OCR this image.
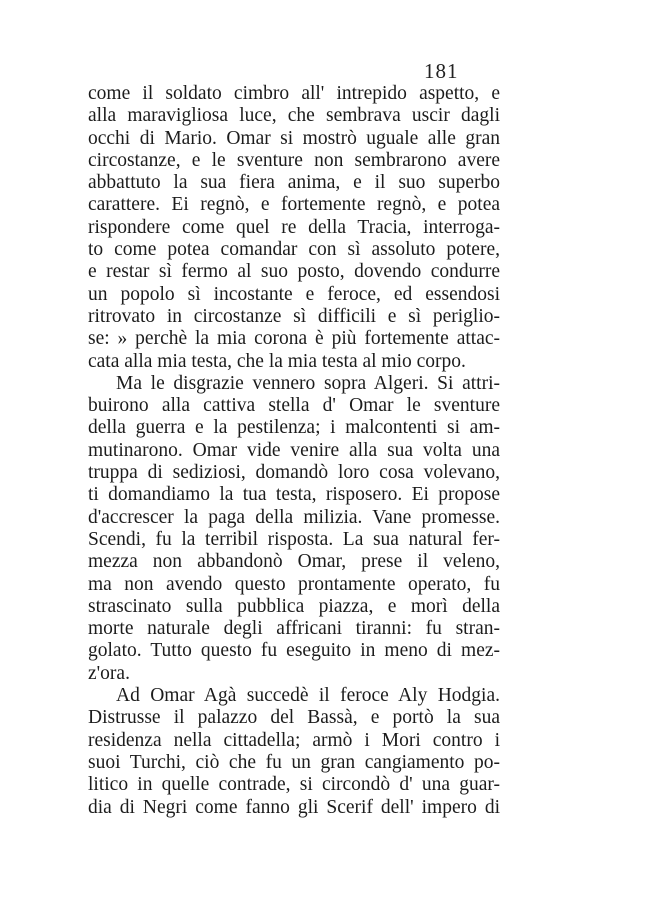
181
come il soldato cimbro all' intrepido aspetto, e
alla maravigliosa luce, che sembrava uscir dagli
occhi di Mario. Omar si mostrò uguale alle gran
circostanze, e le sventure non sembrarono avere
abbattuto la sua fiera anima, e il suo superbo
carattere. Ei regnò, e fortemente regnò, e potea
rispondere come quel re della Tracia, interroga-
to come potea comandar con sì assoluto potere,
e restar sì fermo al suo posto, dovendo condurre
un popolo sì incostante e feroce, ed essendosi
ritrovato in circostanze sì difficili e sì periglio-
se: » perchè la mia corona è più fortemente attac-
cata alla mia testa, che la mia testa al mio corpo.
Ma le disgrazie vennero sopra Algeri. Si attri-
buirono alla cattiva stella d' Omar le sventure
della guerra e la pestilenza; i malcontenti si am-
mutinarono. Omar vide venire alla sua volta una
truppa di sediziosi, domandò loro cosa volevano,
ti domandiamo la tua testa, risposero. Ei propose
d'accrescer la paga della milizia. Vane promesse.
Scendi, fu la terribil risposta. La sua natural fer-
mezza non abbandonò Omar, prese il veleno,
ma non avendo questo prontamente operato, fu
strascinato sulla pubblica piazza, e morì della
morte naturale degli affricani tiranni: fu stran-
golato. Tutto questo fu eseguito in meno di mez-
z'ora.
Ad Omar Agà succedè il feroce Aly Hodgia.
Distrusse il palazzo del Bassà, e portò la sua
residenza nella cittadella; armò i Mori contro i
suoi Turchi, ciò che fu un gran cangiamento po-
litico in quelle contrade, si circondò d' una guar-
dia di Negri come fanno gli Scerif dell' impero di
